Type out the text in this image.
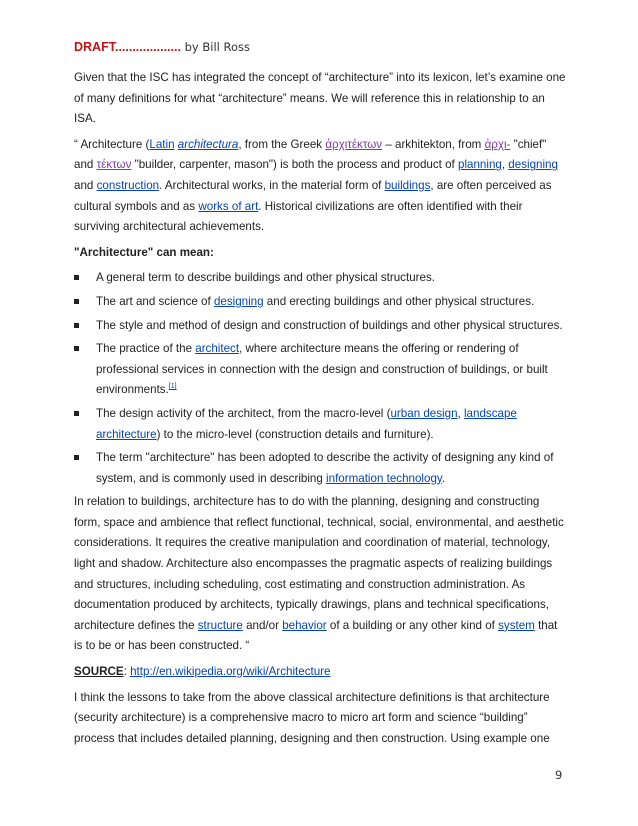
DRAFT................... by Bill Ross

Given that the ISC has integrated the concept of “architecture” into its lexicon, let’s examine one of many definitions for what “architecture” means. We will reference this in relationship to an ISA.

“ Architecture (Latin architectura, from the Greek ἀρχιτέκτων – arkhitekton, from ἀρχι- "chief" and τέκτων "builder, carpenter, mason") is both the process and product of planning, designing and construction. Architectural works, in the material form of buildings, are often perceived as cultural symbols and as works of art. Historical civilizations are often identified with their surviving architectural achievements.

"Architecture" can mean:

A general term to describe buildings and other physical structures.
The art and science of designing and erecting buildings and other physical structures.
The style and method of design and construction of buildings and other physical structures.
The practice of the architect, where architecture means the offering or rendering of professional services in connection with the design and construction of buildings, or built environments.[1]
The design activity of the architect, from the macro-level (urban design, landscape architecture) to the micro-level (construction details and furniture).
The term "architecture" has been adopted to describe the activity of designing any kind of system, and is commonly used in describing information technology.

In relation to buildings, architecture has to do with the planning, designing and constructing form, space and ambience that reflect functional, technical, social, environmental, and aesthetic considerations. It requires the creative manipulation and coordination of material, technology, light and shadow. Architecture also encompasses the pragmatic aspects of realizing buildings and structures, including scheduling, cost estimating and construction administration. As documentation produced by architects, typically drawings, plans and technical specifications, architecture defines the structure and/or behavior of a building or any other kind of system that is to be or has been constructed. “

SOURCE: http://en.wikipedia.org/wiki/Architecture

I think the lessons to take from the above classical architecture definitions is that architecture (security architecture) is a comprehensive macro to micro art form and science “building” process that includes detailed planning, designing and then construction. Using example one

9
